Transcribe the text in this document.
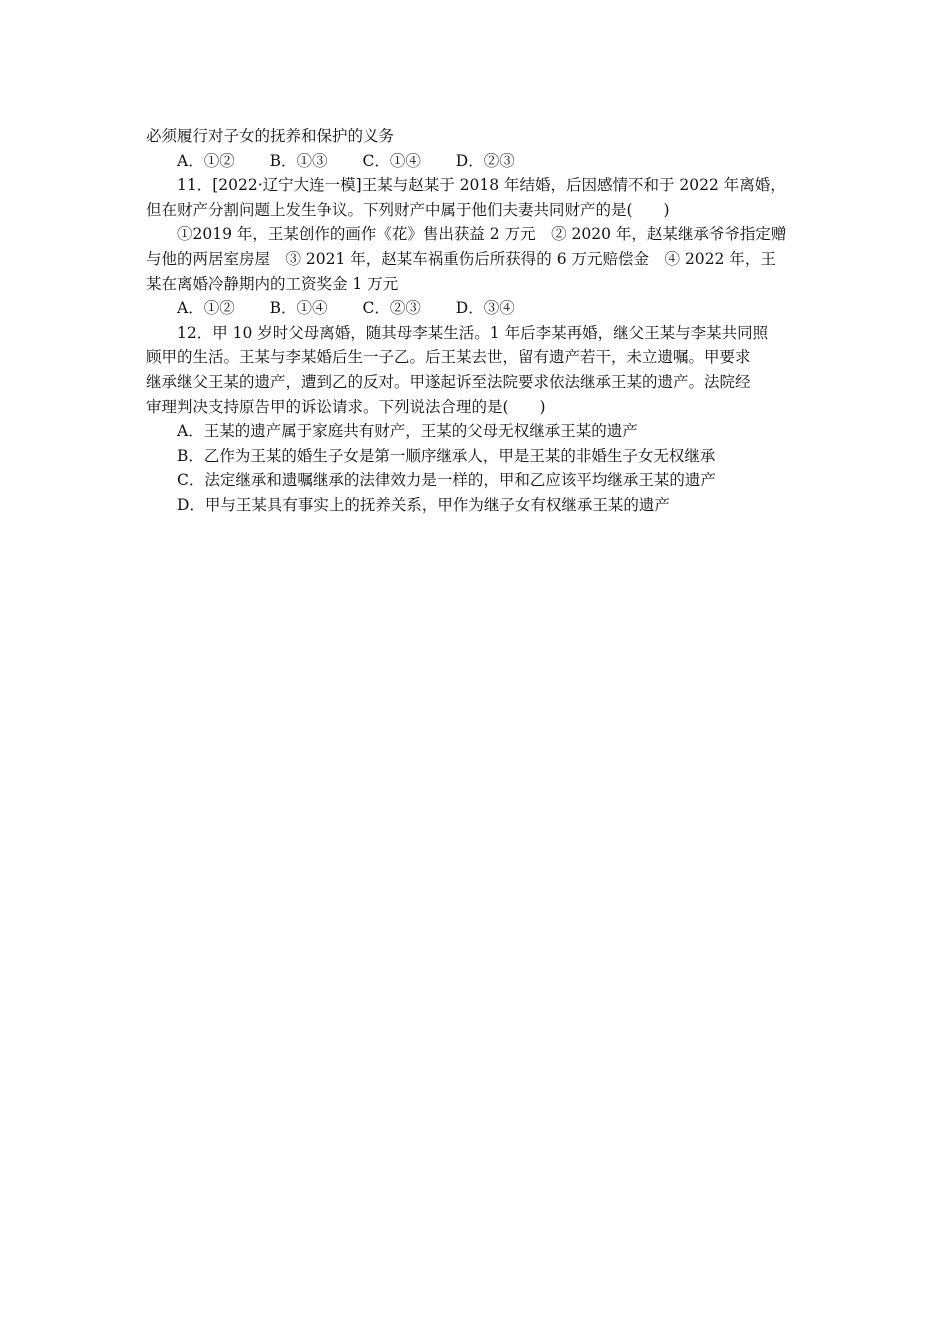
必须履行对子女的抚养和保护的义务
A．①② B．①③ C．①④ D．②③
11．[2022·辽宁大连一模]王某与赵某于 2018 年结婚，后因感情不和于 2022 年离婚，
但在财产分割问题上发生争议。下列财产中属于他们夫妻共同财产的是(　　)
①2019 年，王某创作的画作《花》售出获益 2 万元　② 2020 年，赵某继承爷爷指定赠
与他的两居室房屋　③ 2021 年，赵某车祸重伤后所获得的 6 万元赔偿金　④ 2022 年，王
某在离婚冷静期内的工资奖金 1 万元
A．①② B．①④ C．②③ D．③④
12．甲 10 岁时父母离婚，随其母李某生活。1 年后李某再婚，继父王某与李某共同照
顾甲的生活。王某与李某婚后生一子乙。后王某去世，留有遗产若干，未立遗嘱。甲要求
继承继父王某的遗产，遭到乙的反对。甲遂起诉至法院要求依法继承王某的遗产。法院经
审理判决支持原告甲的诉讼请求。下列说法合理的是(　　)
A．王某的遗产属于家庭共有财产，王某的父母无权继承王某的遗产
B．乙作为王某的婚生子女是第一顺序继承人，甲是王某的非婚生子女无权继承
C．法定继承和遗嘱继承的法律效力是一样的，甲和乙应该平均继承王某的遗产
D．甲与王某具有事实上的抚养关系，甲作为继子女有权继承王某的遗产
